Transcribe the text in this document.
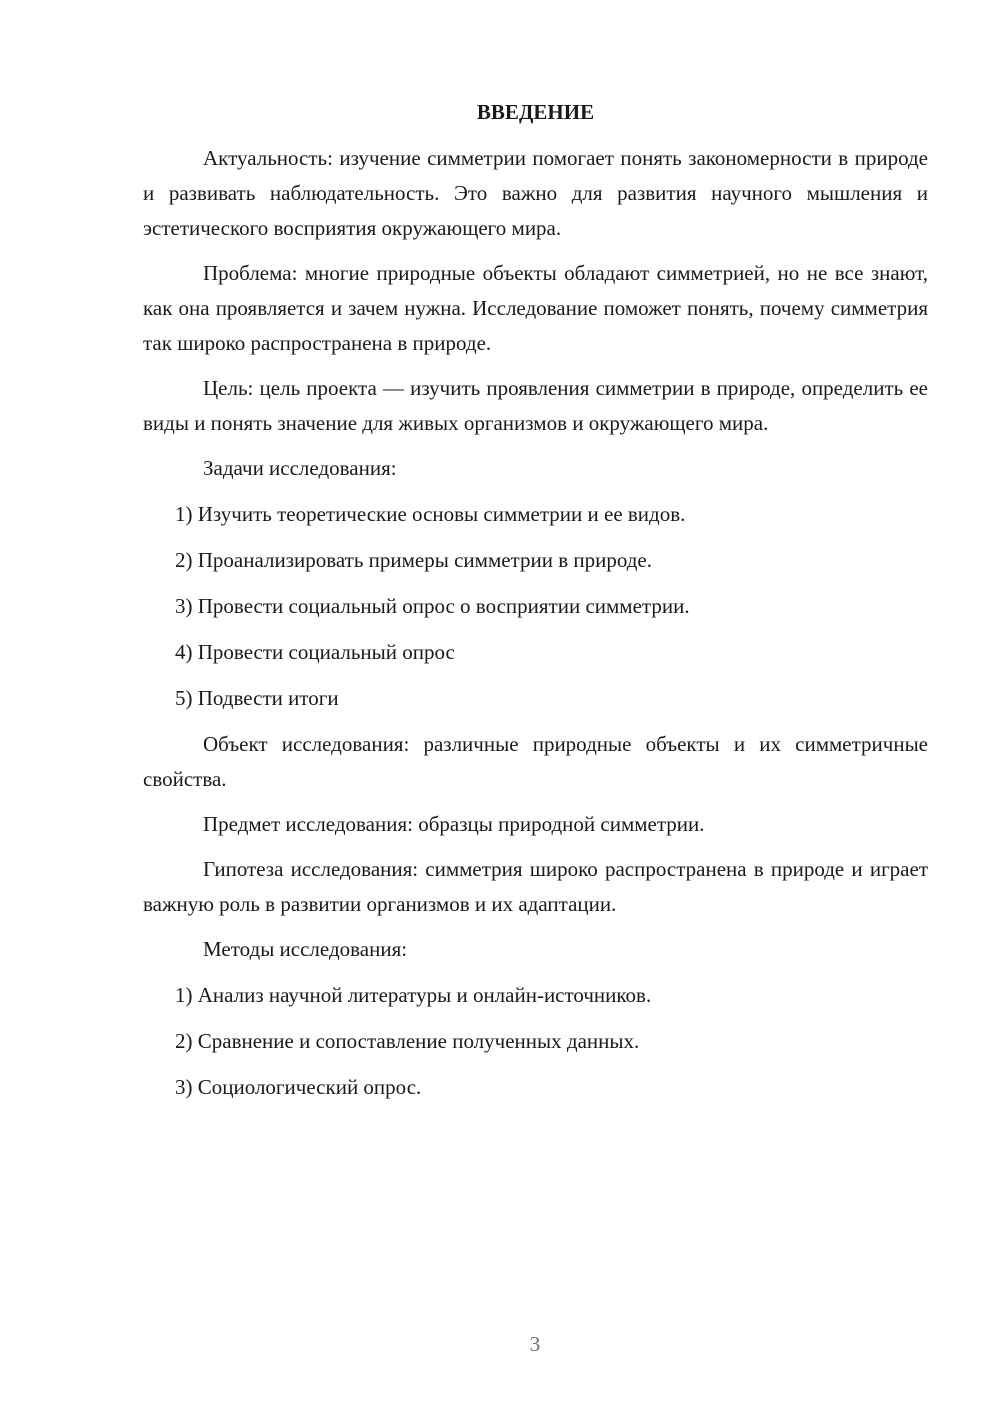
ВВЕДЕНИЕ

Актуальность: изучение симметрии помогает понять закономерности в природе и развивать наблюдательность. Это важно для развития научного мышления и эстетического восприятия окружающего мира.

Проблема: многие природные объекты обладают симметрией, но не все знают, как она проявляется и зачем нужна. Исследование поможет понять, почему симметрия так широко распространена в природе.

Цель: цель проекта — изучить проявления симметрии в природе, определить ее виды и понять значение для живых организмов и окружающего мира.

Задачи исследования:
1) Изучить теоретические основы симметрии и ее видов.
2) Проанализировать примеры симметрии в природе.
3) Провести социальный опрос о восприятии симметрии.
4) Провести социальный опрос
5) Подвести итоги

Объект исследования: различные природные объекты и их симметричные свойства.

Предмет исследования: образцы природной симметрии.

Гипотеза исследования: симметрия широко распространена в природе и играет важную роль в развитии организмов и их адаптации.

Методы исследования:
1) Анализ научной литературы и онлайн-источников.
2) Сравнение и сопоставление полученных данных.
3) Социологический опрос.
3
